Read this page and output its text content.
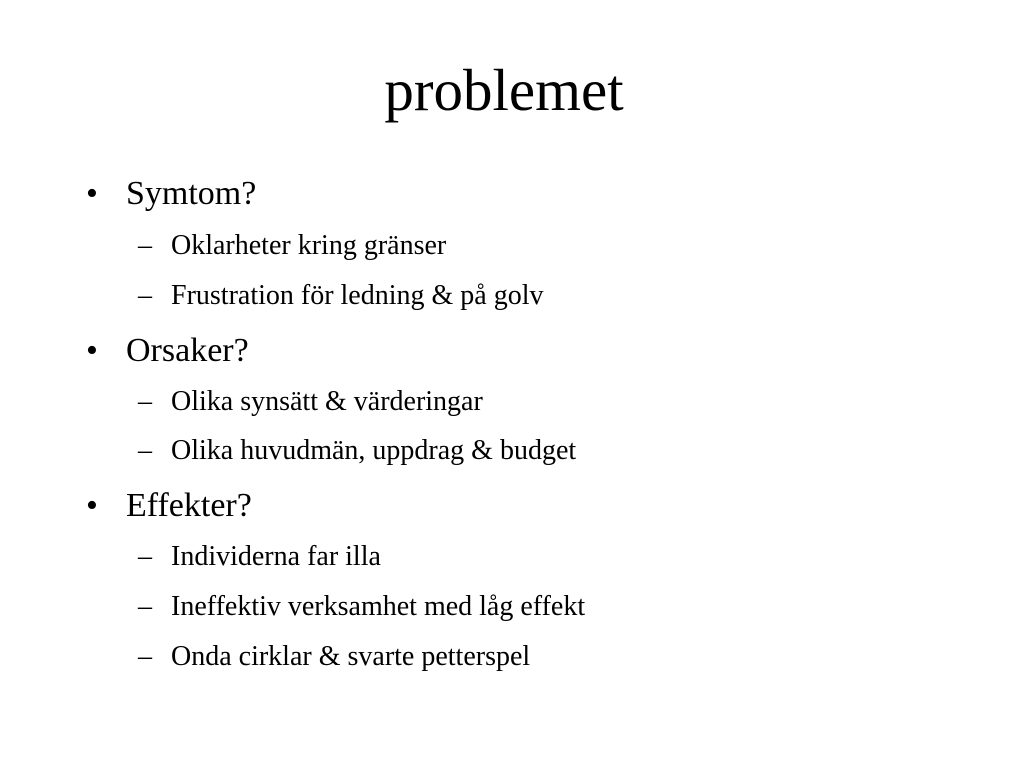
problemet
• Symtom?
– Oklarheter kring gränser
– Frustration för ledning & på golv
• Orsaker?
– Olika synsätt & värderingar
– Olika huvudmän, uppdrag & budget
• Effekter?
– Individerna far illa
– Ineffektiv verksamhet med låg effekt
– Onda cirklar & svarte petterspel
